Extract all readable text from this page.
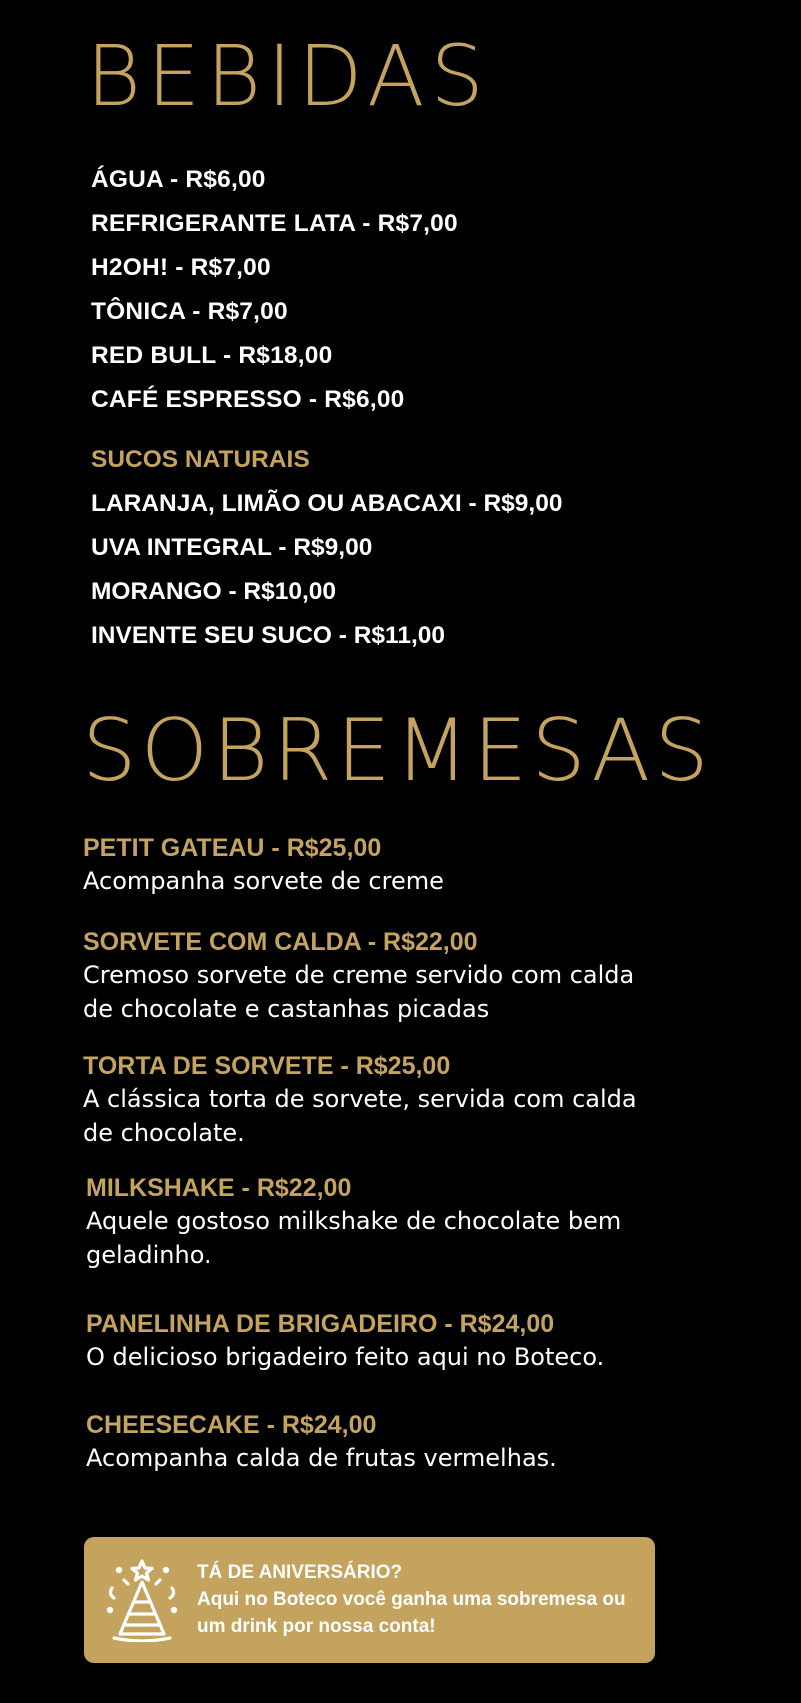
BEBIDAS
ÁGUA - R$6,00
REFRIGERANTE LATA - R$7,00
H2OH! - R$7,00
TÔNICA - R$7,00
RED BULL - R$18,00
CAFÉ ESPRESSO - R$6,00
SUCOS NATURAIS
LARANJA, LIMÃO OU ABACAXI - R$9,00
UVA INTEGRAL - R$9,00
MORANGO - R$10,00
INVENTE SEU SUCO - R$11,00
SOBREMESAS
PETIT GATEAU - R$25,00
Acompanha sorvete de creme
SORVETE COM CALDA - R$22,00
Cremoso sorvete de creme servido com calda de chocolate e castanhas picadas
TORTA DE SORVETE - R$25,00
A clássica torta de sorvete, servida com calda de chocolate.
MILKSHAKE - R$22,00
Aquele gostoso milkshake de chocolate bem geladinho.
PANELINHA DE BRIGADEIRO - R$24,00
O delicioso brigadeiro feito aqui no Boteco.
CHEESECAKE - R$24,00
Acompanha calda de frutas vermelhas.
TÁ DE ANIVERSÁRIO?
Aqui no Boteco você ganha uma sobremesa ou um drink por nossa conta!
